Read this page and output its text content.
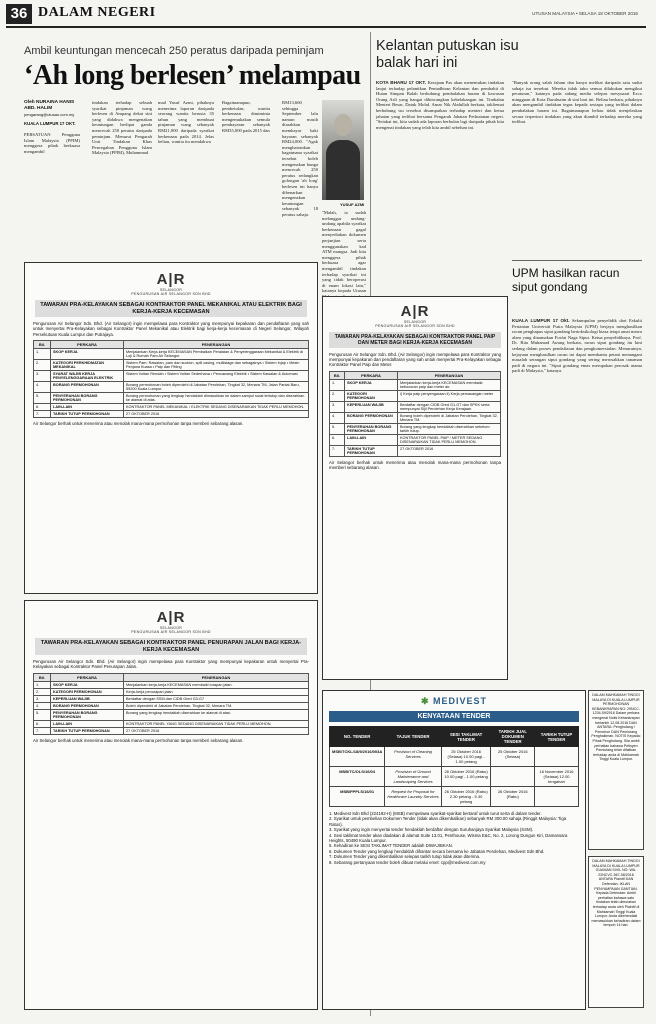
36 DALAM NEGERI	UTUSAN MALAYSIA • SELASA 18 OKTOBER 2016
Ambil keuntungan mencecah 250 peratus daripada peminjam
‘Ah long berlesen’ melampau
Oleh NURAINA HANIS
ABD. HALIM
pengarang@utusan.com.my
KUALA LUMPUR 17 OKT.
PERSATUAN Pengguna Islam Malaysia (PPIM) menggesa pihak berkuasa mengambil
tindakan terhadap sebuah syarikat pinjaman wang berlesen di Ampang dekat sini yang didakwa mengenakan keuntungan berlipat ganda mencecah 250 peratus daripada peminjam. Menurut Pengarah Unit Tindakan Khas Pencegahan Pengguna Islam Malaysia (PPIM), Muhammad
mad Yusuf Azmi, pihaknya menerima laporan daripada seorang wanita berusia 35 tahun yang membuat pinjaman wang sebanyak RM21,000 daripada syarikat berkenaan pada 2014. Jelas beliau, wanita itu mendakwa
Bagaimanapun, pembetulan, wanita berkenaan dimiminta mengemukakan semula pembayaran sebanyak RM35,000 pada 2015 dan
RM13,660 sehingga September lalu namun masih diarahkan membayar baki bayaran sebanyak RM24,000. "Agak menghairankan bagaimana syarikat tersebut boleh mengenakan bunga mencecah 250 peratus sedangkan golongan 'ah long' berlesen ini hanya dibenarkan mengenakan keuntungan sebanyak 18 peratus sahaja.
YUSUF AZMI
"Malah, ia sudah melanggar undang-undang apabila syarikat berkenaan gagal menyediakan dokumen perjanjian serta menggunakan kad ATM mangsa. Jadi kita menggesa pihak berkuasa agar mengambil tindakan terhadap syarikat ini yang tidak beroperasi di enam lokasi lain," katanya kepada Utusan
Kelantan putuskan isu balak hari ini
KOTA BHARU 17 OKT. Kerajaan Pas akan menentukan tindakan lanjut terhadap pelantikan Pentadbiran Kelantan dan pembabit di Hutan Simpan Balah berhubung pembalakan haram di kawasan Orang Asli yang hangat dibincangkan kebelakangan ini. Timbalan Menteri Besar, Datuk Mohd. Amar Nik Abdullah berkata, takliemat berhubung isu tersebut disampaikan terhadap menteri dan ketua jabatan yang terlibat bersama Pengarah Jabatan Perhutanan negeri. "Setakat ini, kita sudah ada laporan berbulan lagi daripada pihak kita mengenai tindakan yang telah kita ambil sebelum ini.
"Banyak orang salah faham dan hanya melihat daripada satu sudut sahaja isu tersebut. Mereka tidak tahu semua dilakukan mengikut peraturan," katanya pada sidang media selepas mesyuarat Exco mingguan di Kota Darulnaim di sini hari ini. Beliau berkata, pihaknya akan mengambil tindakan tegas kepada sesiapa yang terlibat dalam pembalakan haram ini. Bagaimanapun beliau tidak menjelaskan secara terperinci tindakan yang akan diambil terhadap mereka yang terlibat.
UPM hasilkan racun siput gondang
KUALA LUMPUR 17 Okt. Sekumpulan penyelidik dari Fakulti Pertanian Universiti Putra Malaysia (UPM) berjaya menghasilkan racun penghapus siput gondang bertoksikologi biasa tetapi amat mesra alam yang dinamakan Fosfat Naga Siput. Ketua penyelidiknya, Prof. Dr. Rita Muhamad Awang berkata, racun siput gondang itu kini sedang dalam proses pendaftaran dan pengkomersialan. Menurutnya, kejayaan menghasilkan racun ini dapat membantu petani menangani masalah serangan siput gondang yang sering merosakkan tanaman padi di negara ini. "Siput gondang emas merupakan perosak utama padi di Malaysia," katanya.
A|R
SELANGOR
PENGURUSAN AIR SELANGOR SDN BHD
TAWARAN PRA-KELAYAKAN SEBAGAI KONTRAKTOR PANEL MEKANIKAL ATAU ELEKTRIK BAGI KERJA-KERJA KECEMASAN
Pengurusan Air Selangor Sdn. Bhd. (Air Selangor) ingin mempelawa para Kontraktor yang mempunyai kepakaran dan pendaftaran yang sah untuk menyertai Pra-Kelayakan sebagai Kontraktor Panel Mekanikal atau Elektrik bagi kerja-kerja kecemasan di Negeri Selangor, Wilayah Persekutuan Kuala Lumpur dan Putrajaya.
Bil.	PERKARA	PENERANGAN
1.	SKOP KERJA	Menjalankan Kerja-kerja KECEMASAN Pembaikan Peralatan & Penyelenggaraan Mekanikal & Elektrik di Loji & Rumah Pam Air Selangor.
2.	KATEGORI PERKHIDMATAN MEKANIKAL	Sistem Pam: Rawatan, pam dan suction, spill casing, multistage dan sebagainya • Sistem Injap • Mesin Penjana Kuasa • Paip dan Fitting
3.	SYARAT WAJIB KERJA PENYELENGGARAAN ELEKTRIK	Sistem Voltan Rendah • Sistem Voltan Sederhana • Pencawang Elektrik • Sistem Kawalan & Automasi
4.	BORANG PERMOHONAN	Borang permohonan boleh diperolehi di Jabatan Perolehan, Tingkat 32, Menara TM, Jalan Pantai Baru, 59200 Kuala Lumpur.
5.	PENYERAHAN BORANG PERMOHONAN	Borang permohonan yang lengkap hendaklah dimasukkan ke dalam sampul surat tertutup dan diserahkan ke alamat di atas.
6.	LAIN-LAIN	KONTRAKTOR PANEL MEKANIKAL / ELEKTRIK SEDANG DISENARAIKAN TIDAK PERLU MEMOHON.
7.	TARIKH TUTUP PERMOHONAN	27 OKTOBER 2016
Air Selangor berhak untuk menerima atau menolak mana-mana permohonan tanpa memberi sebarang alasan.
A|R
SELANGOR
PENGURUSAN AIR SELANGOR SDN BHD
TAWARAN PRA-KELAYAKAN SEBAGAI KONTRAKTOR PANEL PAIP DAN METER BAGI KERJA-KERJA KECEMASAN
Pengurusan Air Selangor Sdn. Bhd. (Air Selangor) ingin mempelawa para Kontraktor yang mempunyai kepakaran dan pendaftaran yang sah untuk menyertai Pra-Kelayakan sebagai Kontraktor Panel Paip dan Meter.
Bil.	PERKARA	PENERANGAN
1.	SKOP KERJA	Menjalankan kerja-kerja KECEMASAN membaiki kebocoran paip dan meter air.
2.	KATEGORI PERMOHONAN	i) Kerja paip penyengaraan ii) Kerja pemasangan meter
3.	KEPERLUAN WAJIB	Berdaftar dengan CIDB Gred G1-G7 dan SPKK serta mempunyai Sijil Perolehan Kerja Kerajaan.
4.	BORANG PERMOHONAN	Borang boleh diperolehi di Jabatan Perolehan, Tingkat 32, Menara TM.
5.	PENYERAHAN BORANG PERMOHONAN	Borang yang lengkap hendaklah diserahkan sebelum tarikh tutup.
6.	LAIN-LAIN	KONTRAKTOR PANEL PAIP / METER SEDANG DISENARAIKAN TIDAK PERLU MEMOHON.
7.	TARIKH TUTUP PERMOHONAN	27 OKTOBER 2016
Air Selangor berhak untuk menerima atau menolak mana-mana permohonan tanpa memberi sebarang alasan.
A|R
SELANGOR
PENGURUSAN AIR SELANGOR SDN BHD
TAWARAN PRA-KELAYAKAN SEBAGAI KONTRAKTOR PANEL PENURAPAN JALAN BAGI KERJA-KERJA KECEMASAN
Pengurusan Air Selangor Sdn. Bhd. (Air Selangor) ingin mempelawa para Kontraktor yang mempunyai kepakaran untuk menyertai Pra-Kelayakan sebagai Kontraktor Panel Penurapan Jalan.
Bil.	PERKARA	PENERANGAN
1.	SKOP KERJA	Menjalankan kerja-kerja KECEMASAN membaiki turapan jalan.
2.	KATEGORI PERMOHONAN	Kerja-kerja penurapan jalan
3.	KEPERLUAN WAJIB	Berdaftar dengan SSM dan CIDB Gred G3-G7
4.	BORANG PERMOHONAN	Boleh diperolehi di Jabatan Perolehan, Tingkat 32, Menara TM.
5.	PENYERAHAN BORANG PERMOHONAN	Borang yang lengkap hendaklah diserahkan ke alamat di atas.
6.	LAIN-LAIN	KONTRAKTOR PANEL YANG SEDANG DISENARAIKAN TIDAK PERLU MEMOHON.
7.	TARIKH TUTUP PERMOHONAN	27 OKTOBER 2016
Air Selangor berhak untuk menerima atau menolak mana-mana permohonan tanpa memberi sebarang alasan.
✱ MEDIVEST
KENYATAAN TENDER
NO. TENDER	TAJUK TENDER	SESI TAKLIMAT TENDER	TARIKH JUAL DOKUMEN TENDER	TARIKH TUTUP TENDER
MSB/TCKL/18/9/2016/003A	Provision of Cleaning Services	25 Oktober 2016 (Selasa) 10.00 pagi - 1.00 petang	25 Oktober 2016 (Selasa)	
MSB/TC/OLS/16/04	Provision of Ground Maintenance and Landscaping Services	26 Oktober 2016 (Rabu) 10.00 pagi - 1.00 petang		16 November 2016 (Selasa) 12.00 tengahari
MSB/FPPLS/16/01	Request for Proposal for Healthcare Laundry Services	26 Oktober 2016 (Rabu) 2.30 petang - 5.30 petang	26 Oktober 2016 (Rabu)	
1. Medivest Sdn Bhd (224192-H) (MSB) mempelawa syarikat-syarikat bertaraf untuk turut serta di dalam tender.
2. Syarikat untuk pembelian Dokumen Tender (tidak akan dikembalikan) sebanyak RM 300.00 sahaja (Ringgit Malaysia: Tiga Ratus).
3. Syarikat yang ingin menyertai tender hendaklah berdaftar dengan Suruhanjaya Syarikat Malaysia (SSM).
4. Sesi taklimat tender akan diadakan di alamat Suite 13.01, Penthouse, Wisma E&C, No. 2, Lorong Dungun Kiri, Damansara Heights, 50490 Kuala Lumpur.
5. Kehadiran ke SESI TAKLIMAT TENDER adalah DIWAJIBKAN.
6. Dokumen Tender yang lengkap hendaklah dihantar secara bersama ke Jabatan Perolehan, Medivest Sdn Bhd.
7. Dokumen Tender yang dikembalikan selepas tarikh tutup tidak akan diterima.
8. Sebarang pertanyaan tender boleh dibuat melalui emel: cpp@medivest.com.my
DALAM MAHKAMAH TINGGI MALAYA DI KUALA LUMPUR PERMOHONAN KEBANKRAPAN NO: 29NCC-1234-09/2016 Dalam perkara mengenai Notis Kebankrapan bertarikh 12.08.2016 DAN ANTARA: Penghutang / Pemohon DAN Pemiutang Penghakiman. NOTIS Kepada: Pihak Penghutang. Sila ambil perhatian bahawa Petisyen Pemiutang telah difailkan terhadap anda di Mahkamah Tinggi Kuala Lumpur.
DALAM MAHKAMAH TINGGI MALAYA DI KUALA LUMPUR GUAMAN SIVIL NO: WA-22NCVC-567-08/2016 ANTARA Plaintif DAN Defendan. IKLAN PENYAMPAIAN GANTIAN. Kepada Defendan: Ambil perhatian bahawa satu tindakan telah dimulakan terhadap anda oleh Plaintif di Mahkamah Tinggi Kuala Lumpur. Anda dikehendaki memasukkan kehadiran dalam tempoh 14 hari.
